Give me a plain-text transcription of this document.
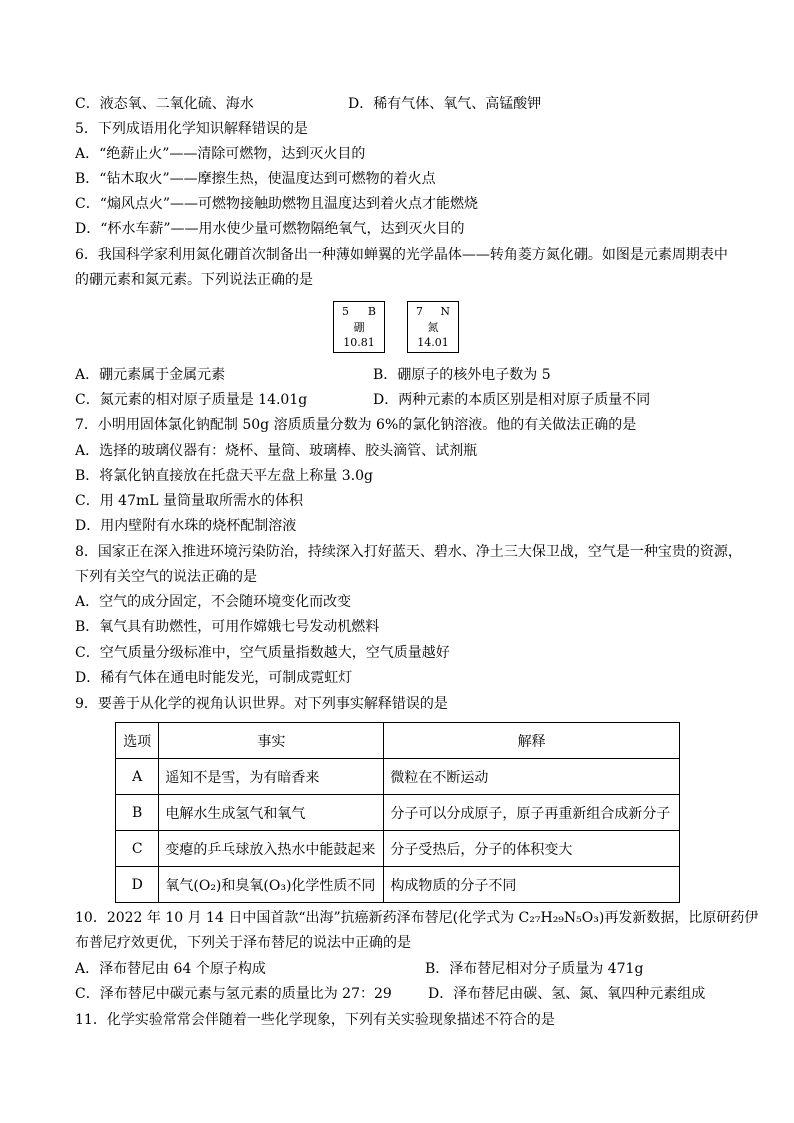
C．液态氧、二氧化硫、海水	D．稀有气体、氧气、高锰酸钾
5．下列成语用化学知识解释错误的是
A．“绝薪止火”——清除可燃物，达到灭火目的
B．“钻木取火”——摩擦生热，使温度达到可燃物的着火点
C．“煽风点火”——可燃物接触助燃物且温度达到着火点才能燃烧
D．“杯水车薪”——用水使少量可燃物隔绝氧气，达到灭火目的
6．我国科学家利用氮化硼首次制备出一种薄如蝉翼的光学晶体——转角菱方氮化硼。如图是元素周期表中
的硼元素和氮元素。下列说法正确的是
5 B
硼
10.81
7 N
氮
14.01
A．硼元素属于金属元素	B．硼原子的核外电子数为 5
C．氮元素的相对原子质量是 14.01g	D．两种元素的本质区别是相对原子质量不同
7．小明用固体氯化钠配制 50g 溶质质量分数为 6%的氯化钠溶液。他的有关做法正确的是
A．选择的玻璃仪器有：烧杯、量筒、玻璃棒、胶头滴管、试剂瓶
B．将氯化钠直接放在托盘天平左盘上称量 3.0g
C．用 47mL 量筒量取所需水的体积
D．用内壁附有水珠的烧杯配制溶液
8．国家正在深入推进环境污染防治，持续深入打好蓝天、碧水、净土三大保卫战，空气是一种宝贵的资源，
下列有关空气的说法正确的是
A．空气的成分固定，不会随环境变化而改变
B．氧气具有助燃性，可用作嫦娥七号发动机燃料
C．空气质量分级标准中，空气质量指数越大，空气质量越好
D．稀有气体在通电时能发光，可制成霓虹灯
9．要善于从化学的视角认识世界。对下列事实解释错误的是
选项	事实	解释
A	遥知不是雪，为有暗香来	微粒在不断运动
B	电解水生成氢气和氧气	分子可以分成原子，原子再重新组合成新分子
C	变瘪的乒乓球放入热水中能鼓起来	分子受热后，分子的体积变大
D	氧气(O₂)和臭氧(O₃)化学性质不同	构成物质的分子不同
10．2022 年 10 月 14 日中国首款“出海”抗癌新药泽布替尼(化学式为 C₂₇H₂₉N₅O₃)再发新数据，比原研药伊
布普尼疗效更优，下列关于泽布替尼的说法中正确的是
A．泽布替尼由 64 个原子构成	B．泽布替尼相对分子质量为 471g
C．泽布替尼中碳元素与氢元素的质量比为 27：29	D．泽布替尼由碳、氢、氮、氧四种元素组成
11．化学实验常常会伴随着一些化学现象，下列有关实验现象描述不符合的是
